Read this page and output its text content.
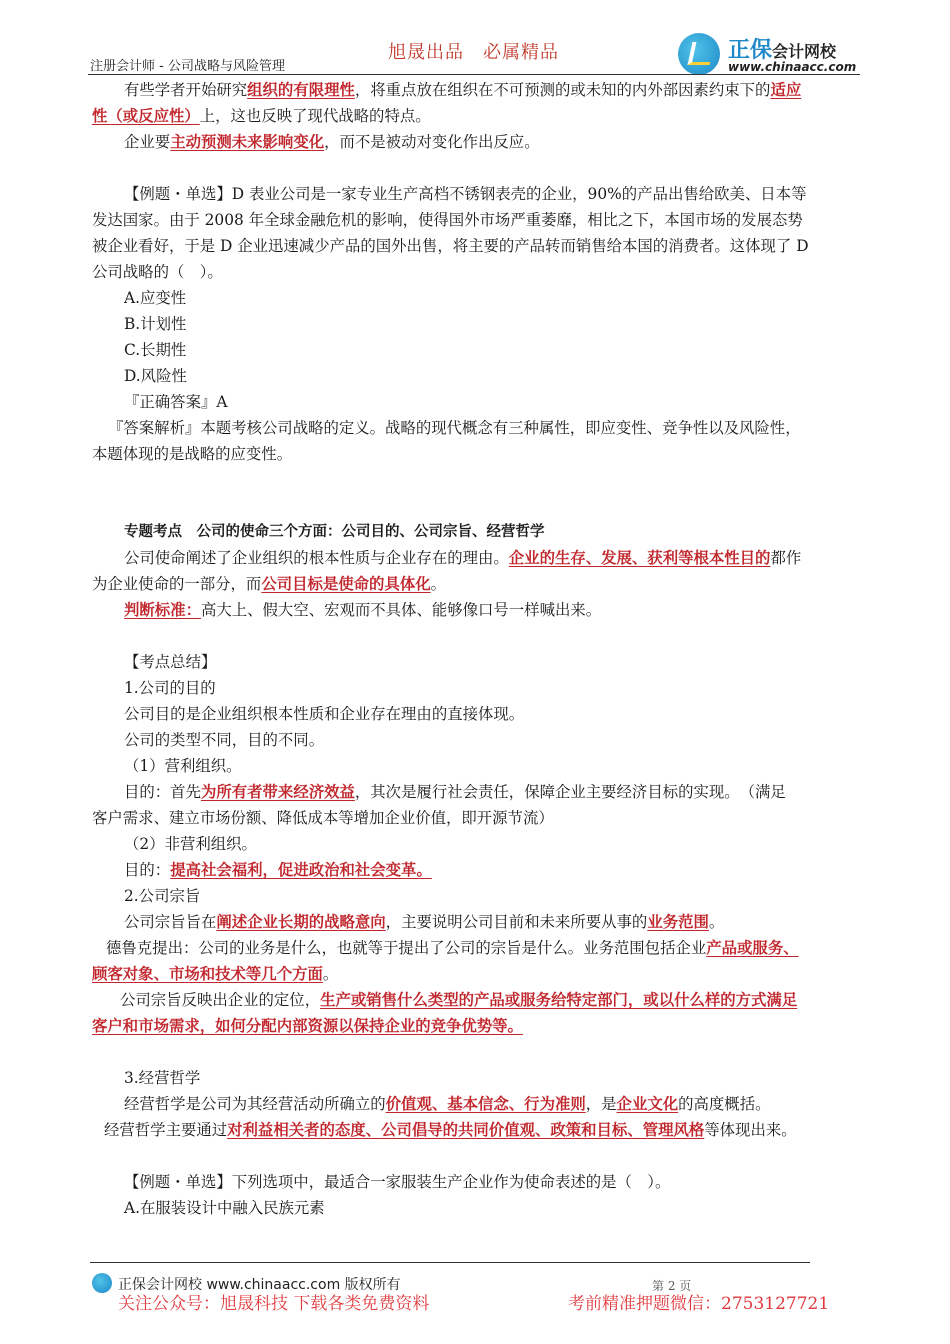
注册会计师 - 公司战略与风险管理
旭晟出品　必属精品	正保会计网校
www.chinaacc.com
有些学者开始研究组织的有限理性，将重点放在组织在不可预测的或未知的内外部因素约束下的适应
性（或反应性）上，这也反映了现代战略的特点。
企业要主动预测未来影响变化，而不是被动对变化作出反应。
【例题・单选】D 表业公司是一家专业生产高档不锈钢表壳的企业，90%的产品出售给欧美、日本等
发达国家。由于 2008 年全球金融危机的影响，使得国外市场严重萎靡，相比之下，本国市场的发展态势
被企业看好，于是 D 企业迅速减少产品的国外出售，将主要的产品转而销售给本国的消费者。这体现了 D
公司战略的（　）。
A.应变性
B.计划性
C.长期性
D.风险性
『正确答案』A
『答案解析』本题考核公司战略的定义。战略的现代概念有三种属性，即应变性、竞争性以及风险性，
本题体现的是战略的应变性。
专题考点　公司的使命三个方面：公司目的、公司宗旨、经营哲学
公司使命阐述了企业组织的根本性质与企业存在的理由。企业的生存、发展、获利等根本性目的都作
为企业使命的一部分，而公司目标是使命的具体化。
判断标准：高大上、假大空、宏观而不具体、能够像口号一样喊出来。
【考点总结】
1.公司的目的
公司目的是企业组织根本性质和企业存在理由的直接体现。
公司的类型不同，目的不同。
（1）营利组织。
目的：首先为所有者带来经济效益，其次是履行社会责任，保障企业主要经济目标的实现。　（满足
客户需求、建立市场份额、降低成本等增加企业价值，即开源节流）
（2）非营利组织。
目的：提高社会福利，促进政治和社会变革。
2.公司宗旨
公司宗旨旨在阐述企业长期的战略意向，主要说明公司目前和未来所要从事的业务范围。
德鲁克提出：公司的业务是什么，也就等于提出了公司的宗旨是什么。业务范围包括企业产品或服务、
顾客对象、市场和技术等几个方面。
公司宗旨反映出企业的定位，生产或销售什么类型的产品或服务给特定部门，或以什么样的方式满足
客户和市场需求，如何分配内部资源以保持企业的竞争优势等。
3.经营哲学
经营哲学是公司为其经营活动所确立的价值观、基本信念、行为准则，是企业文化的高度概括。
经营哲学主要通过对利益相关者的态度、公司倡导的共同价值观、政策和目标、管理风格等体现出来。
【例题・单选】下列选项中，最适合一家服装生产企业作为使命表述的是（　）。
A.在服装设计中融入民族元素
正保会计网校 www.chinaacc.com 版权所有	第 2 页
关注公众号：旭晟科技 下载各类免费资料	考前精准押题微信：2753127721
